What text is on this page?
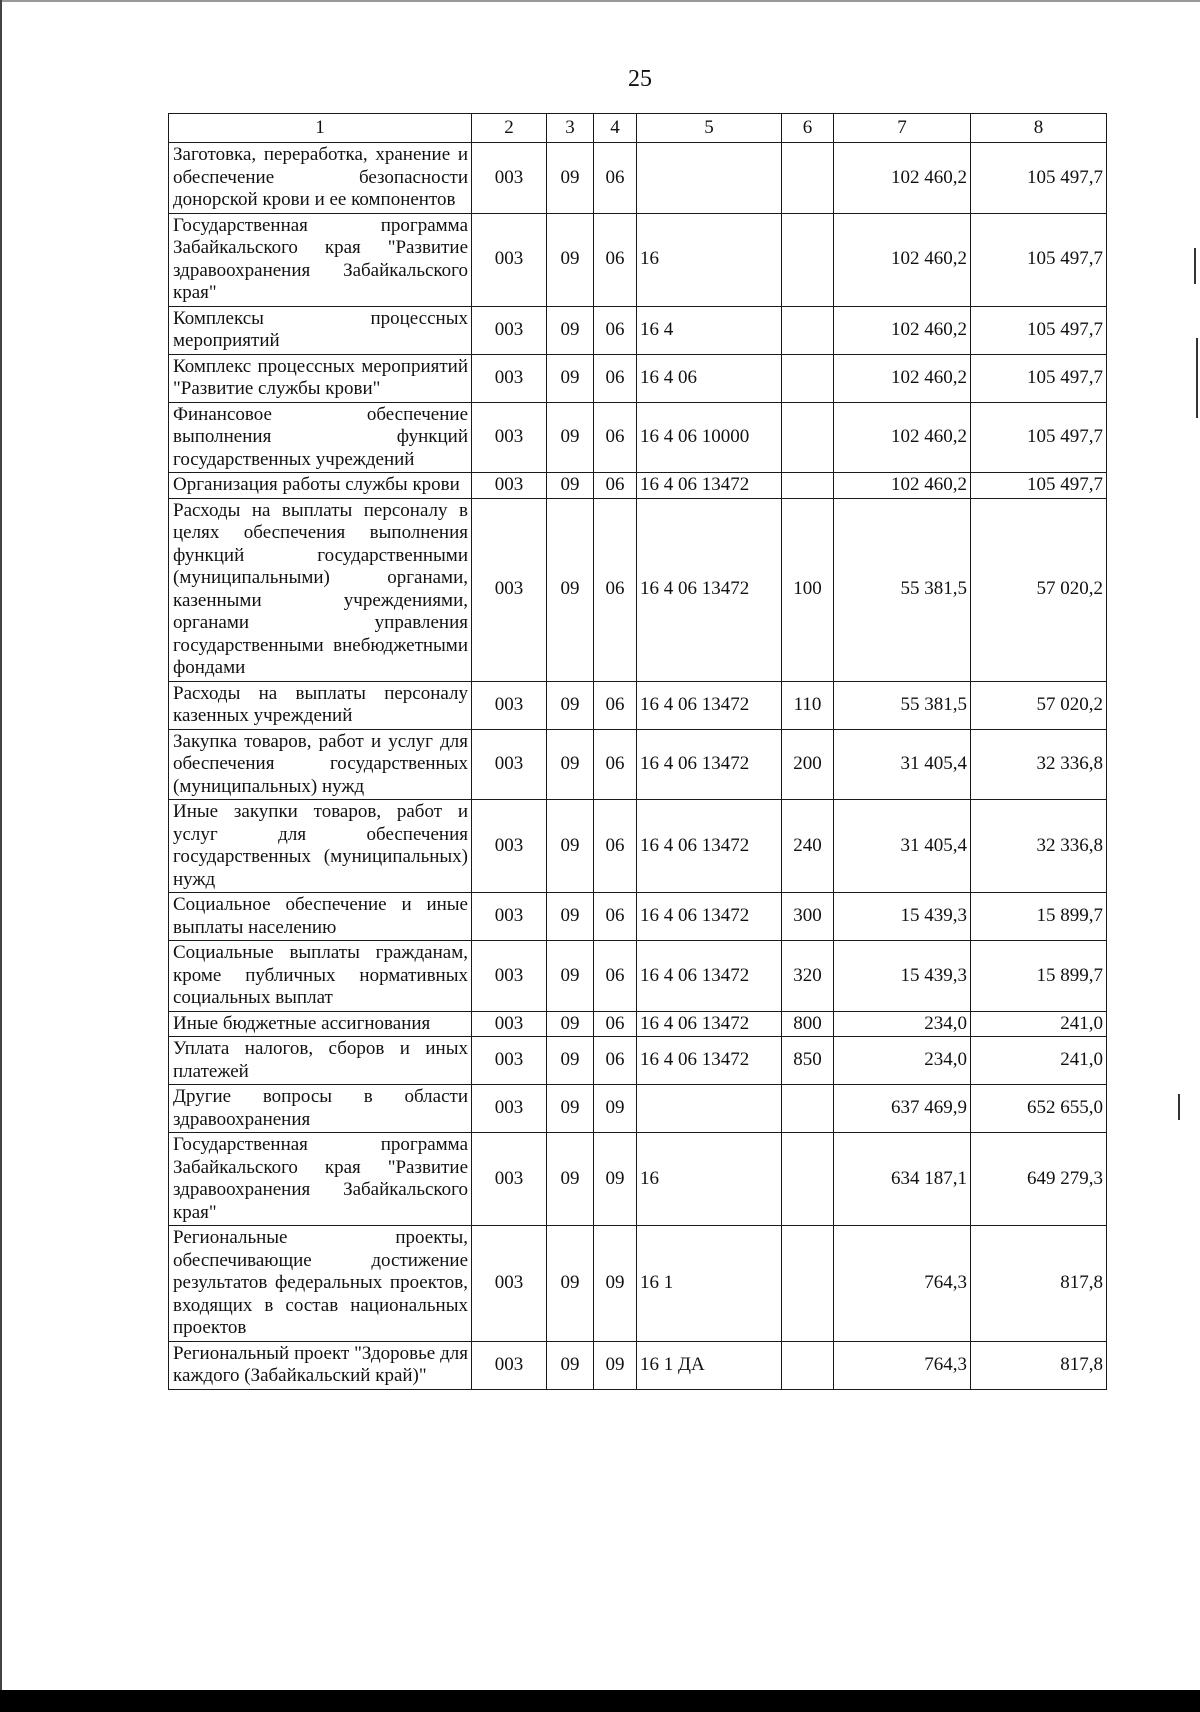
25
1	2	3	4	5	6	7	8
Заготовка, переработка, хранение и обеспечение безопасности донорской крови и ее компонентов	003	09	06			102 460,2	105 497,7
Государственная программа Забайкальского края "Развитие здравоохранения Забайкальского края"	003	09	06	16		102 460,2	105 497,7
Комплексы процессных мероприятий	003	09	06	16 4		102 460,2	105 497,7
Комплекс процессных мероприятий "Развитие службы крови"	003	09	06	16 4 06		102 460,2	105 497,7
Финансовое обеспечение выполнения функций государственных учреждений	003	09	06	16 4 06 10000		102 460,2	105 497,7
Организация работы службы крови	003	09	06	16 4 06 13472		102 460,2	105 497,7
Расходы на выплаты персоналу в целях обеспечения выполнения функций государственными (муниципальными) органами, казенными учреждениями, органами управления государственными внебюджетными фондами	003	09	06	16 4 06 13472	100	55 381,5	57 020,2
Расходы на выплаты персоналу казенных учреждений	003	09	06	16 4 06 13472	110	55 381,5	57 020,2
Закупка товаров, работ и услуг для обеспечения государственных (муниципальных) нужд	003	09	06	16 4 06 13472	200	31 405,4	32 336,8
Иные закупки товаров, работ и услуг для обеспечения государственных (муниципальных) нужд	003	09	06	16 4 06 13472	240	31 405,4	32 336,8
Социальное обеспечение и иные выплаты населению	003	09	06	16 4 06 13472	300	15 439,3	15 899,7
Социальные выплаты гражданам, кроме публичных нормативных социальных выплат	003	09	06	16 4 06 13472	320	15 439,3	15 899,7
Иные бюджетные ассигнования	003	09	06	16 4 06 13472	800	234,0	241,0
Уплата налогов, сборов и иных платежей	003	09	06	16 4 06 13472	850	234,0	241,0
Другие вопросы в области здравоохранения	003	09	09			637 469,9	652 655,0
Государственная программа Забайкальского края "Развитие здравоохранения Забайкальского края"	003	09	09	16		634 187,1	649 279,3
Региональные проекты, обеспечивающие достижение результатов федеральных проектов, входящих в состав национальных проектов	003	09	09	16 1		764,3	817,8
Региональный проект "Здоровье для каждого (Забайкальский край)"	003	09	09	16 1 ДА		764,3	817,8
